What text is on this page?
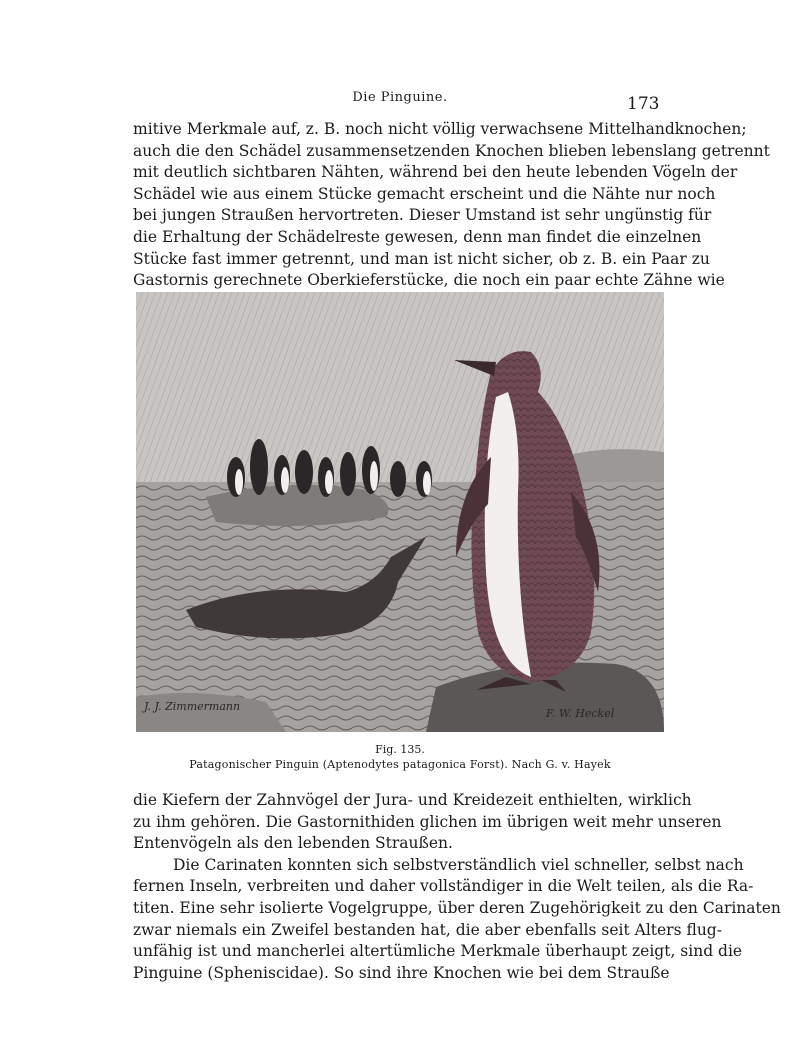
Die Pinguine.	173
mitive Merkmale auf, z. B. noch nicht völlig verwachsene Mittelhandknochen;
auch die den Schädel zusammensetzenden Knochen blieben lebenslang getrennt
mit deutlich sichtbaren Nähten, während bei den heute lebenden Vögeln der
Schädel wie aus einem Stücke gemacht erscheint und die Nähte nur noch
bei jungen Straußen hervortreten. Dieser Umstand ist sehr ungünstig für
die Erhaltung der Schädelreste gewesen, denn man findet die einzelnen
Stücke fast immer getrennt, und man ist nicht sicher, ob z. B. ein Paar zu
Gastornis gerechnete Oberkieferstücke, die noch ein paar echte Zähne wie
J. J. Zimmermann
F. W. Heckel
Fig. 135.
Patagonischer Pinguin (Aptenodytes patagonica Forst). Nach G. v. Hayek
die Kiefern der Zahnvögel der Jura- und Kreidezeit enthielten, wirklich
zu ihm gehören. Die Gastornithiden glichen im übrigen weit mehr unseren
Entenvögeln als den lebenden Straußen.
Die Carinaten konnten sich selbstverständlich viel schneller, selbst nach
fernen Inseln, verbreiten und daher vollständiger in die Welt teilen, als die Ra-
titen. Eine sehr isolierte Vogelgruppe, über deren Zugehörigkeit zu den Carinaten
zwar niemals ein Zweifel bestanden hat, die aber ebenfalls seit Alters flug-
unfähig ist und mancherlei altertümliche Merkmale überhaupt zeigt, sind die
Pinguine (Spheniscidae). So sind ihre Knochen wie bei dem Strauße
